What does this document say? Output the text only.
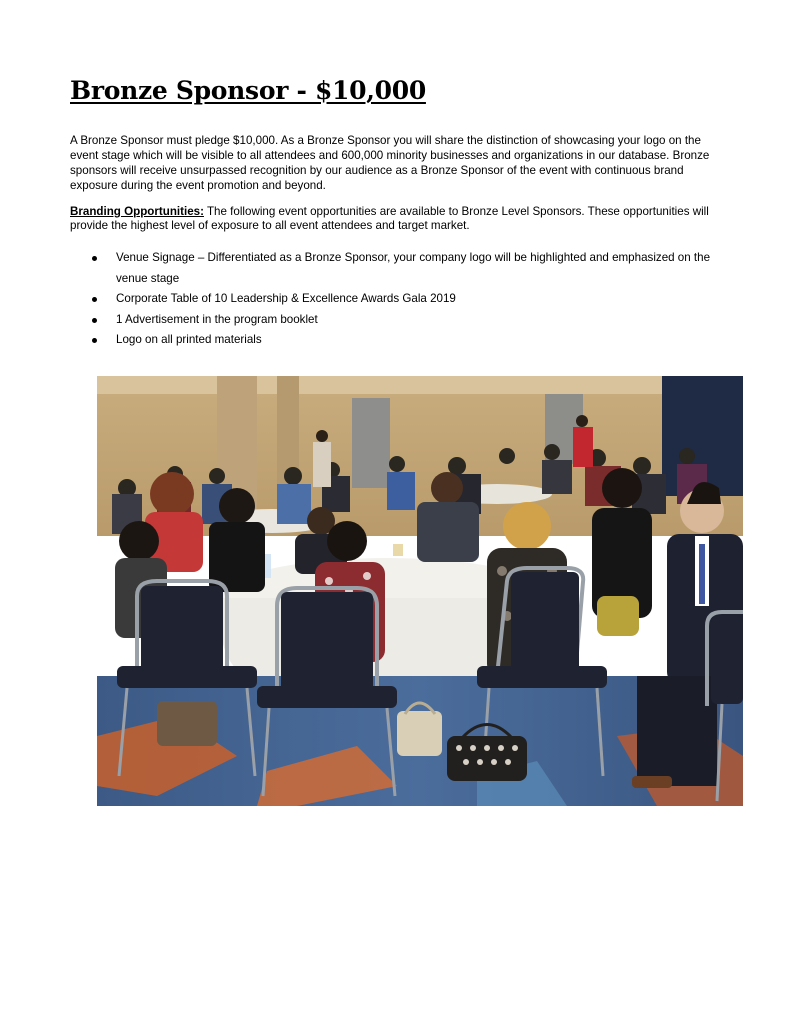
Bronze Sponsor - $10,000

A Bronze Sponsor must pledge $10,000. As a Bronze Sponsor you will share the distinction of showcasing your logo on the event stage which will be visible to all attendees and 600,000 minority businesses and organizations in our database. Bronze sponsors will receive unsurpassed recognition by our audience as a Bronze Sponsor of the event with continuous brand exposure during the event promotion and beyond.

Branding Opportunities: The following event opportunities are available to Bronze Level Sponsors. These opportunities will provide the highest level of exposure to all event attendees and target market.

Venue Signage – Differentiated as a Bronze Sponsor, your company logo will be highlighted and emphasized on the venue stage
Corporate Table of 10 Leadership & Excellence Awards Gala 2019
1 Advertisement in the program booklet
Logo on all printed materials
